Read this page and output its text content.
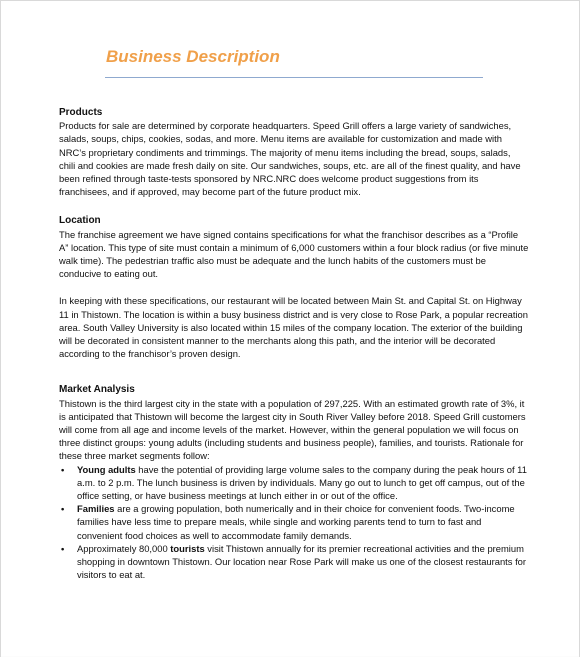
Business Description

Products

Products for sale are determined by corporate headquarters. Speed Grill offers a large variety of sandwiches, salads, soups, chips, cookies, sodas, and more. Menu items are available for customization and made with NRC’s proprietary condiments and trimmings. The majority of menu items including the bread, soups, salads, chili and cookies are made fresh daily on site. Our sandwiches, soups, etc. are all of the finest quality, and have been refined through taste-tests sponsored by NRC.NRC does welcome product suggestions from its franchisees, and if approved, may become part of the future product mix.

Location

The franchise agreement we have signed contains specifications for what the franchisor describes as a “Profile A” location. This type of site must contain a minimum of 6,000 customers within a four block radius (or five minute walk time). The pedestrian traffic also must be adequate and the lunch habits of the customers must be conducive to eating out.

In keeping with these specifications, our restaurant will be located between Main St. and Capital St. on Highway 11 in Thistown. The location is within a busy business district and is very close to Rose Park, a popular recreation area. South Valley University is also located within 15 miles of the company location. The exterior of the building will be decorated in consistent manner to the merchants along this path, and the interior will be decorated according to the franchisor’s proven design.

Market Analysis

Thistown is the third largest city in the state with a population of 297,225. With an estimated growth rate of 3%, it is anticipated that Thistown will become the largest city in South River Valley before 2018. Speed Grill customers will come from all age and income levels of the market. However, within the general population we will focus on three distinct groups: young adults (including students and business people), families, and tourists. Rationale for these three market segments follow:

• Young adults have the potential of providing large volume sales to the company during the peak hours of 11 a.m. to 2 p.m. The lunch business is driven by individuals. Many go out to lunch to get off campus, out of the office setting, or have business meetings at lunch either in or out of the office.
• Families are a growing population, both numerically and in their choice for convenient foods. Two-income families have less time to prepare meals, while single and working parents tend to turn to fast and convenient food choices as well to accommodate family demands.
• Approximately 80,000 tourists visit Thistown annually for its premier recreational activities and the premium shopping in downtown Thistown. Our location near Rose Park will make us one of the closest restaurants for visitors to eat at.
